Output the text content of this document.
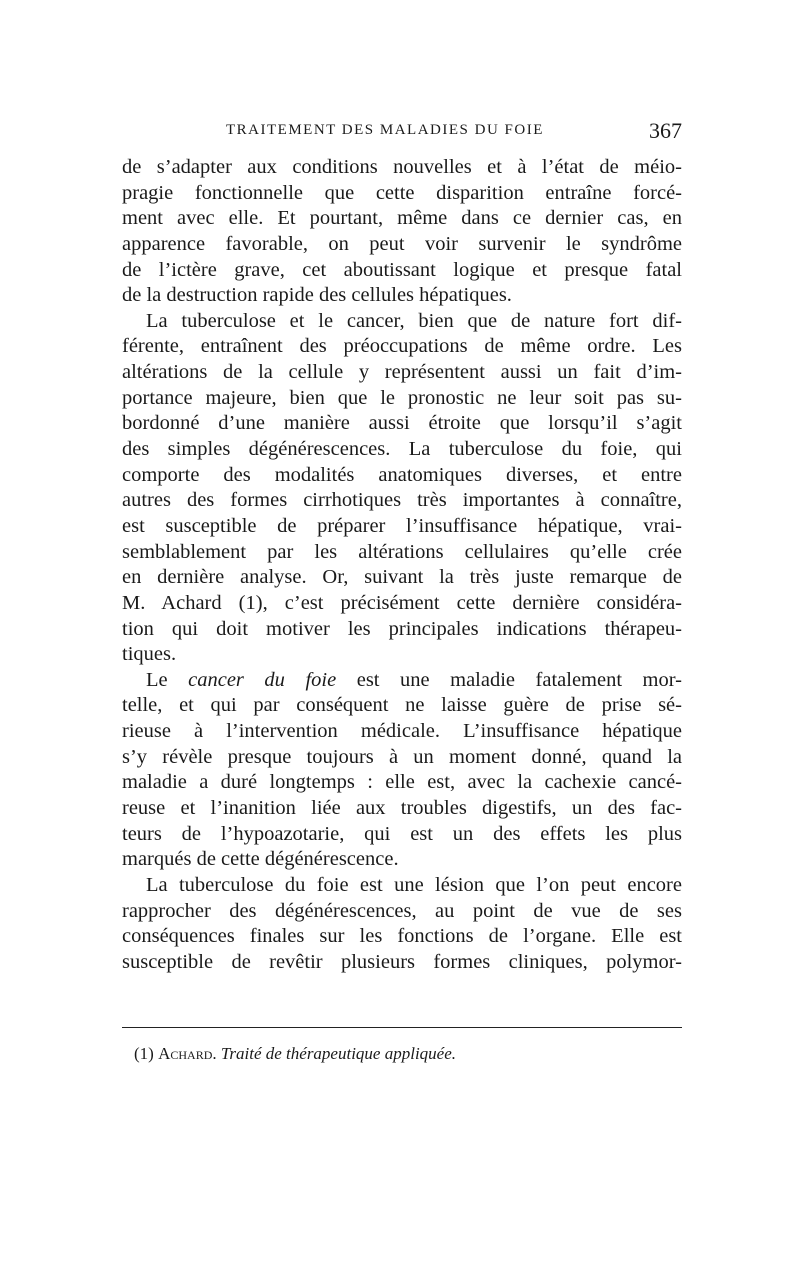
TRAITEMENT DES MALADIES DU FOIE	367
de s’adapter aux conditions nouvelles et à l’état de méio-
pragie fonctionnelle que cette disparition entraîne forcé-
ment avec elle. Et pourtant, même dans ce dernier cas, en
apparence favorable, on peut voir survenir le syndrôme
de l’ictère grave, cet aboutissant logique et presque fatal
de la destruction rapide des cellules hépatiques.
La tuberculose et le cancer, bien que de nature fort dif-
férente, entraînent des préoccupations de même ordre. Les
altérations de la cellule y représentent aussi un fait d’im-
portance majeure, bien que le pronostic ne leur soit pas su-
bordonné d’une manière aussi étroite que lorsqu’il s’agit
des simples dégénérescences. La tuberculose du foie, qui
comporte des modalités anatomiques diverses, et entre
autres des formes cirrhotiques très importantes à connaître,
est susceptible de préparer l’insuffisance hépatique, vrai-
semblablement par les altérations cellulaires qu’elle crée
en dernière analyse. Or, suivant la très juste remarque de
M. Achard (1), c’est précisément cette dernière considéra-
tion qui doit motiver les principales indications thérapeu-
tiques.
Le cancer du foie est une maladie fatalement mor-
telle, et qui par conséquent ne laisse guère de prise sé-
rieuse à l’intervention médicale. L’insuffisance hépatique
s’y révèle presque toujours à un moment donné, quand la
maladie a duré longtemps : elle est, avec la cachexie cancé-
reuse et l’inanition liée aux troubles digestifs, un des fac-
teurs de l’hypoazotarie, qui est un des effets les plus
marqués de cette dégénérescence.
La tuberculose du foie est une lésion que l’on peut encore
rapprocher des dégénérescences, au point de vue de ses
conséquences finales sur les fonctions de l’organe. Elle est
susceptible de revêtir plusieurs formes cliniques, polymor-
(1) Achard. Traité de thérapeutique appliquée.
